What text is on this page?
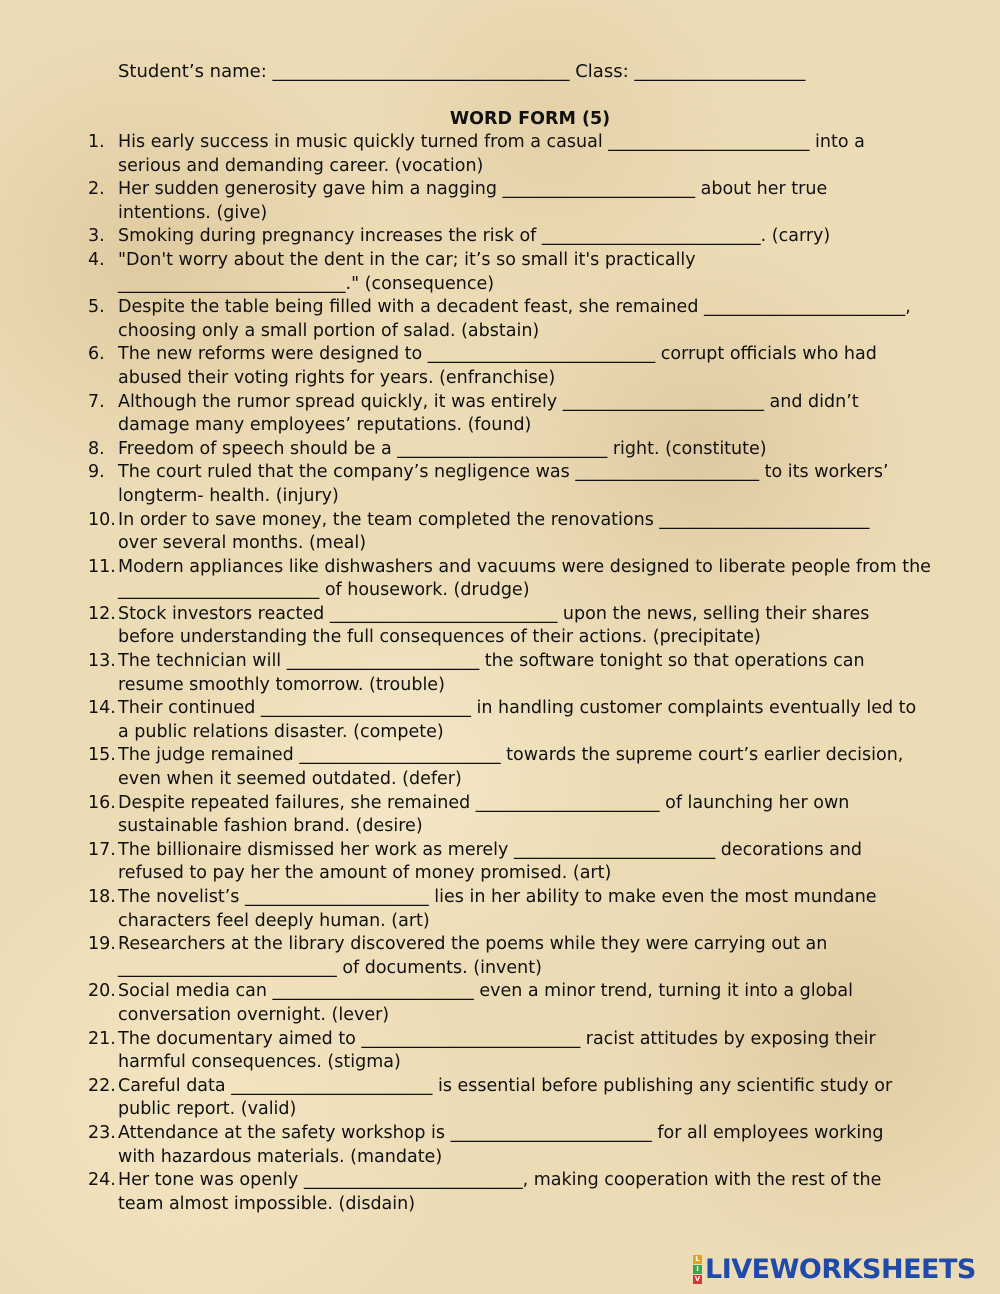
Student’s name: _________________________________ Class: ___________________
WORD FORM (5)
1. His early success in music quickly turned from a casual _______________________ into a
serious and demanding career. (vocation)
2. Her sudden generosity gave him a nagging ______________________ about her true
intentions. (give)
3. Smoking during pregnancy increases the risk of _________________________. (carry)
4. "Don't worry about the dent in the car; it’s so small it's practically
__________________________." (consequence)
5. Despite the table being filled with a decadent feast, she remained _______________________,
choosing only a small portion of salad. (abstain)
6. The new reforms were designed to __________________________ corrupt officials who had
abused their voting rights for years. (enfranchise)
7. Although the rumor spread quickly, it was entirely _______________________ and didn’t
damage many employees’ reputations. (found)
8. Freedom of speech should be a ________________________ right. (constitute)
9. The court ruled that the company’s negligence was _____________________ to its workers’
longterm- health. (injury)
10. In order to save money, the team completed the renovations ________________________
over several months. (meal)
11. Modern appliances like dishwashers and vacuums were designed to liberate people from the
_______________________ of housework. (drudge)
12. Stock investors reacted __________________________ upon the news, selling their shares
before understanding the full consequences of their actions. (precipitate)
13. The technician will ______________________ the software tonight so that operations can
resume smoothly tomorrow. (trouble)
14. Their continued ________________________ in handling customer complaints eventually led to
a public relations disaster. (compete)
15. The judge remained _______________________ towards the supreme court’s earlier decision,
even when it seemed outdated. (defer)
16. Despite repeated failures, she remained _____________________ of launching her own
sustainable fashion brand. (desire)
17. The billionaire dismissed her work as merely _______________________ decorations and
refused to pay her the amount of money promised. (art)
18. The novelist’s _____________________ lies in her ability to make even the most mundane
characters feel deeply human. (art)
19. Researchers at the library discovered the poems while they were carrying out an
_________________________ of documents. (invent)
20. Social media can _______________________ even a minor trend, turning it into a global
conversation overnight. (lever)
21. The documentary aimed to _________________________ racist attitudes by exposing their
harmful consequences. (stigma)
22. Careful data _______________________ is essential before publishing any scientific study or
public report. (valid)
23. Attendance at the safety workshop is _______________________ for all employees working
with hazardous materials. (mandate)
24. Her tone was openly _________________________, making cooperation with the rest of the
team almost impossible. (disdain)
L
I
V LIVEWORKSHEETS
